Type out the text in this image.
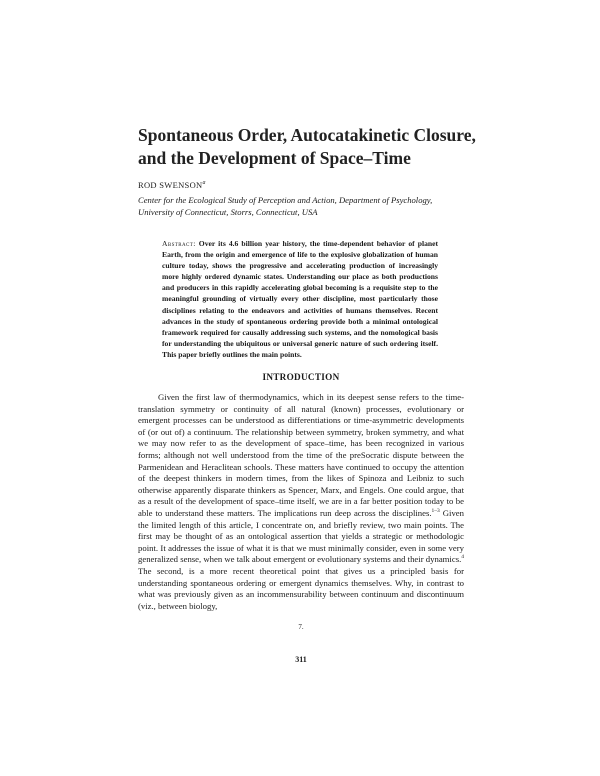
Spontaneous Order, Autocatakinetic Closure,
and the Development of Space–Time

ROD SWENSON$^a$

Center for the Ecological Study of Perception and Action, Department of Psychology,
University of Connecticut, Storrs, Connecticut, USA

Abstract: Over its 4.6 billion year history, the time-dependent behavior of planet Earth, from the origin and emergence of life to the explosive globalization of human culture today, shows the progressive and accelerating production of increasingly more highly ordered dynamic states. Understanding our place as both productions and producers in this rapidly accelerating global becoming is a requisite step to the meaningful grounding of virtually every other discipline, most particularly those disciplines relating to the endeavors and activities of humans themselves. Recent advances in the study of spontaneous ordering provide both a minimal ontological framework required for causally addressing such systems, and the nomological basis for understanding the ubiquitous or universal generic nature of such ordering itself. This paper briefly outlines the main points.

INTRODUCTION

Given the first law of thermodynamics, which in its deepest sense refers to the time-translation symmetry or continuity of all natural (known) processes, evolutionary or emergent processes can be understood as differentiations or time-asymmetric developments of (or out of) a continuum. The relationship between symmetry, broken symmetry, and what we may now refer to as the development of space–time, has been recognized in various forms; although not well understood from the time of the preSocratic dispute between the Parmenidean and Heraclitean schools. These matters have continued to occupy the attention of the deepest thinkers in modern times, from the likes of Spinoza and Leibniz to such otherwise apparently disparate thinkers as Spencer, Marx, and Engels. One could argue, that as a result of the development of space–time itself, we are in a far better position today to be able to understand these matters. The implications run deep across the disciplines.$^{1-3}$ Given the limited length of this article, I concentrate on, and briefly review, two main points. The first may be thought of as an ontological assertion that yields a strategic or methodologic point. It addresses the issue of what it is that we must minimally consider, even in some very generalized sense, when we talk about emergent or evolutionary systems and their dynamics.$^4$ The second, is a more recent theoretical point that gives us a principled basis for understanding spontaneous ordering or emergent dynamics themselves. Why, in contrast to what was previously given as an incommensurability between continuum and discontinuum (viz., between biology,

7.

311
